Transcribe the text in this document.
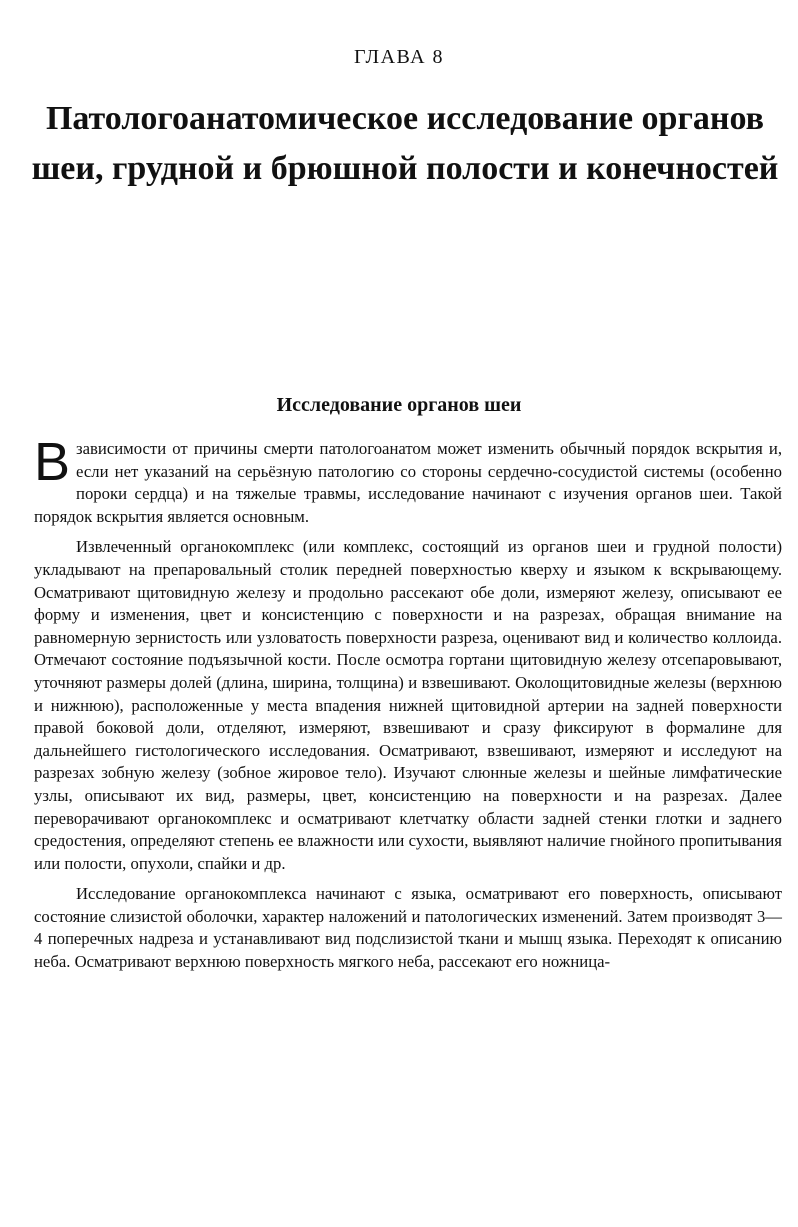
ГЛАВА 8
Патологоанатомическое исследование органов шеи, грудной и брюшной полости и конечностей
Исследование органов шеи

В зависимости от причины смерти патологоанатом может изменить обычный порядок вскрытия и, если нет указаний на серьёзную патологию со стороны сердечно-сосудистой системы (особенно пороки сердца) и на тяжелые травмы, исследование начинают с изучения органов шеи. Такой порядок вскрытия является основным.

Извлеченный органокомплекс (или комплекс, состоящий из органов шеи и грудной полости) укладывают на препаровальный столик передней поверхностью кверху и языком к вскрывающему. Осматривают щитовидную железу и продольно рассекают обе доли, измеряют железу, описывают ее форму и изменения, цвет и консистенцию с поверхности и на разрезах, обращая внимание на равномерную зернистость или узловатость поверхности разреза, оценивают вид и количество коллоида. Отмечают состояние подъязычной кости. После осмотра гортани щитовидную железу отсепаровывают, уточняют размеры долей (длина, ширина, толщина) и взвешивают. Околощитовидные железы (верхнюю и нижнюю), расположенные у места впадения нижней щитовидной артерии на задней поверхности правой боковой доли, отделяют, измеряют, взвешивают и сразу фиксируют в формалине для дальнейшего гистологического исследования. Осматривают, взвешивают, измеряют и исследуют на разрезах зобную железу (зобное жировое тело). Изучают слюнные железы и шейные лимфатические узлы, описывают их вид, размеры, цвет, консистенцию на поверхности и на разрезах. Далее переворачивают органокомплекс и осматривают клетчатку области задней стенки глотки и заднего средостения, определяют степень ее влажности или сухости, выявляют наличие гнойного пропитывания или полости, опухоли, спайки и др.

Исследование органокомплекса начинают с языка, осматривают его поверхность, описывают состояние слизистой оболочки, характер наложений и патологических изменений. Затем производят 3—4 поперечных надреза и устанавливают вид подслизистой ткани и мышц языка. Переходят к описанию неба. Осматривают верхнюю поверхность мягкого неба, рассекают его ножница-
